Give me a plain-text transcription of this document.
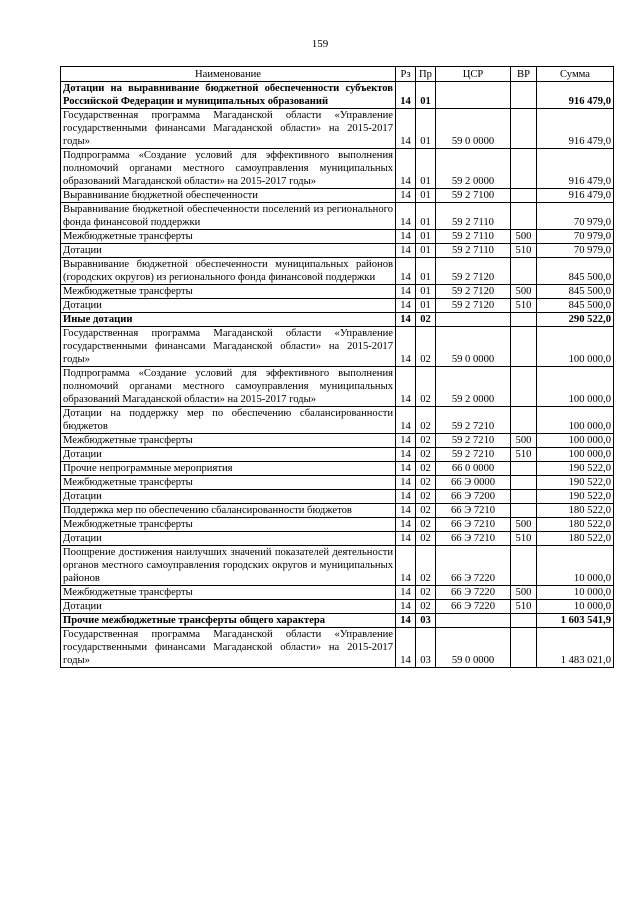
159
Наименование	Рз	Пр	ЦСР	ВР	Сумма
Дотации на выравнивание бюджетной обеспеченности субъектов Российской Федерации и муниципальных образований	14	01			916 479,0
Государственная программа Магаданской области «Управление государственными финансами Магаданской области» на 2015-2017 годы»	14	01	59 0 0000		916 479,0
Подпрограмма «Создание условий для эффективного выполнения полномочий органами местного самоуправления муниципальных образований Магаданской области» на 2015-2017 годы»	14	01	59 2 0000		916 479,0
Выравнивание бюджетной обеспеченности	14	01	59 2 7100		916 479,0
Выравнивание бюджетной обеспеченности поселений из регионального фонда финансовой поддержки	14	01	59 2 7110		70 979,0
Межбюджетные трансферты	14	01	59 2 7110	500	70 979,0
Дотации	14	01	59 2 7110	510	70 979,0
Выравнивание бюджетной обеспеченности муниципальных районов (городских округов) из регионального фонда финансовой поддержки	14	01	59 2 7120		845 500,0
Межбюджетные трансферты	14	01	59 2 7120	500	845 500,0
Дотации	14	01	59 2 7120	510	845 500,0
Иные дотации	14	02			290 522,0
Государственная программа Магаданской области «Управление государственными финансами Магаданской области» на 2015-2017 годы»	14	02	59 0 0000		100 000,0
Подпрограмма «Создание условий для эффективного выполнения полномочий органами местного самоуправления муниципальных образований Магаданской области» на 2015-2017 годы»	14	02	59 2 0000		100 000,0
Дотации на поддержку мер по обеспечению сбалансированности бюджетов	14	02	59 2 7210		100 000,0
Межбюджетные трансферты	14	02	59 2 7210	500	100 000,0
Дотации	14	02	59 2 7210	510	100 000,0
Прочие непрограммные мероприятия	14	02	66 0 0000		190 522,0
Межбюджетные трансферты	14	02	66 Э 0000		190 522,0
Дотации	14	02	66 Э 7200		190 522,0
Поддержка мер по обеспечению сбалансированности бюджетов	14	02	66 Э 7210		180 522,0
Межбюджетные трансферты	14	02	66 Э 7210	500	180 522,0
Дотации	14	02	66 Э 7210	510	180 522,0
Поощрение достижения наилучших значений показателей деятельности органов местного самоуправления городских округов и муниципальных районов	14	02	66 Э 7220		10 000,0
Межбюджетные трансферты	14	02	66 Э 7220	500	10 000,0
Дотации	14	02	66 Э 7220	510	10 000,0
Прочие межбюджетные трансферты общего характера	14	03			1 603 541,9
Государственная программа Магаданской области «Управление государственными финансами Магаданской области» на 2015-2017 годы»	14	03	59 0 0000		1 483 021,0
